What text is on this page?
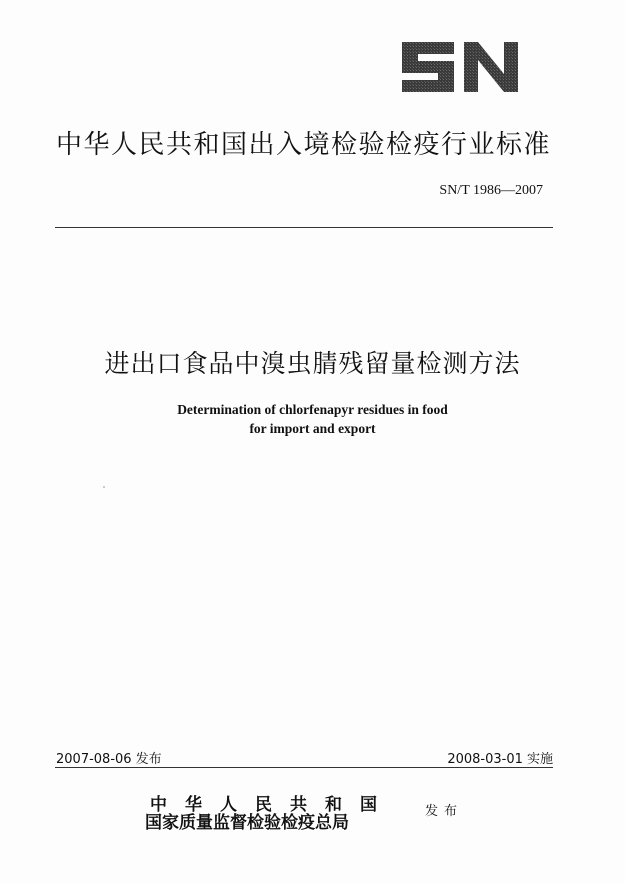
中华人民共和国出入境检验检疫行业标准
SN/T 1986—2007
进出口食品中溴虫腈残留量检测方法
Determination of chlorfenapyr residues in food
for import and export
2007-08-06 发布	2008-03-01 实施
中华人民共和国
国家质量监督检验检疫总局
发布
